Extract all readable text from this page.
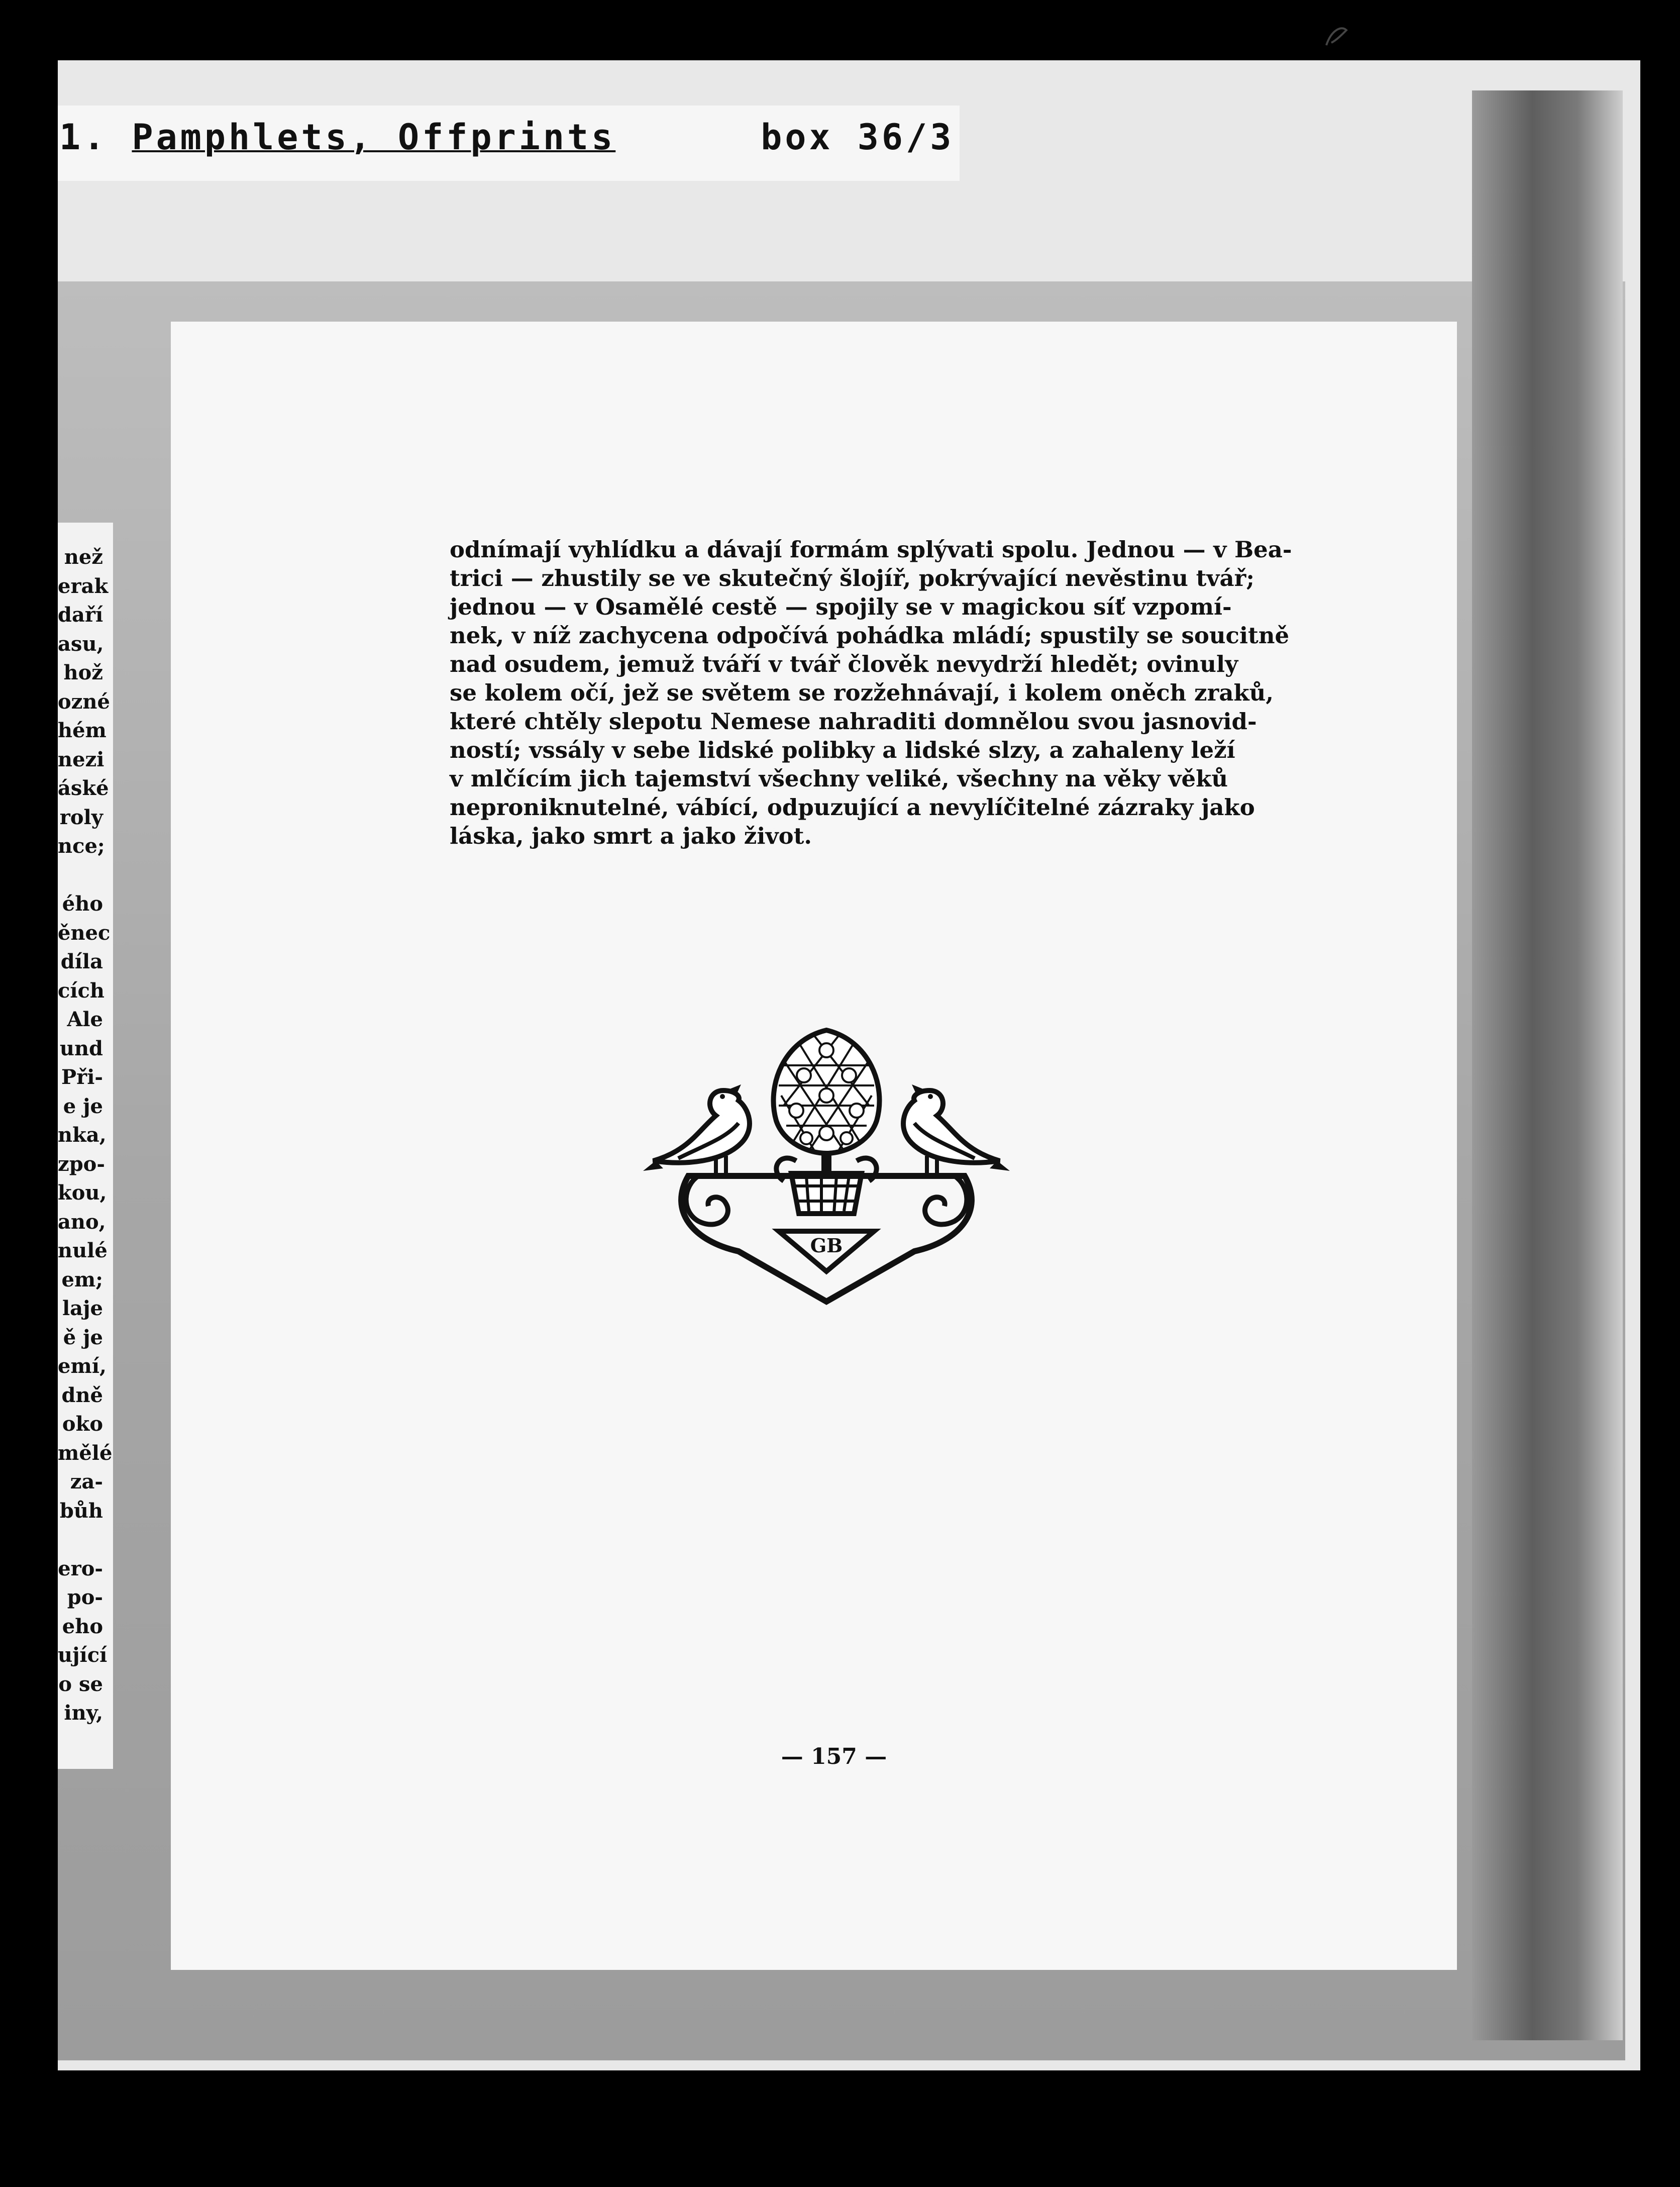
1. Pamphlets, Offprints	box 36/3
než
erak
daří
asu,
hož
ozné
hém
nezi
áské
roly
nce;
ého
ěnec
díla
cích
Ale
und
Při-
e je
nka,
zpo-
kou,
ano,
nulé
em;
laje
ě je
emí,
dně
oko
mělé
za-
bůh
ero-
po-
eho
ující
o se
iny,
odnímají vyhlídku a dávají formám splývati spolu. Jednou — v Bea-
trici — zhustily se ve skutečný šlojíř, pokrývající nevěstinu tvář;
jednou — v Osamělé cestě — spojily se v magickou síť vzpomí-
nek, v níž zachycena odpočívá pohádka mládí; spustily se soucitně
nad osudem, jemuž tváří v tvář člověk nevydrží hledět; ovinuly
se kolem očí, jež se světem se rozžehnávají, i kolem oněch zraků,
které chtěly slepotu Nemese nahraditi domnělou svou jasnovid-
ností; vssály v sebe lidské polibky a lidské slzy, a zahaleny leží
v mlčícím jich tajemství všechny veliké, všechny na věky věků
neproniknutelné, vábící, odpuzující a nevylíčitelné zázraky jako
láska, jako smrt a jako život.
GB
— 157 —
